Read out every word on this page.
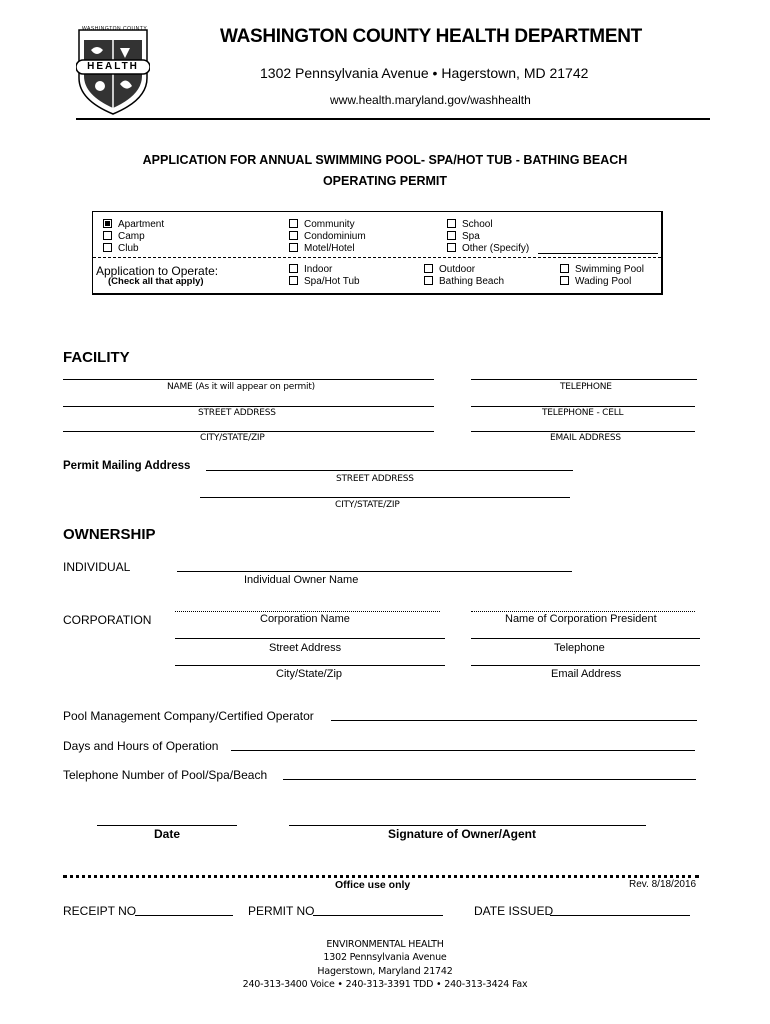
WASHINGTON COUNTY
HEALTH
WASHINGTON COUNTY HEALTH DEPARTMENT
1302 Pennsylvania Avenue • Hagerstown, MD 21742
www.health.maryland.gov/washhealth
APPLICATION FOR ANNUAL SWIMMING POOL- SPA/HOT TUB - BATHING BEACH
OPERATING PERMIT
Apartment
Camp
Club
Community
Condominium
Motel/Hotel
School
Spa
Other (Specify)
Application to Operate:
(Check all that apply)
Indoor
Spa/Hot Tub
Outdoor
Bathing Beach
Swimming Pool
Wading Pool
FACILITY
NAME (As it will appear on permit)	TELEPHONE
STREET ADDRESS	TELEPHONE - CELL
CITY/STATE/ZIP	EMAIL ADDRESS
Permit Mailing Address
STREET ADDRESS
CITY/STATE/ZIP
OWNERSHIP
INDIVIDUAL
Individual Owner Name
CORPORATION	Corporation Name	Name of Corporation President
Street Address	Telephone
City/State/Zip	Email Address
Pool Management Company/Certified Operator
Days and Hours of Operation
Telephone Number of Pool/Spa/Beach
Date	Signature of Owner/Agent
Office use only	Rev. 8/18/2016
RECEIPT NO	PERMIT NO	DATE ISSUED
ENVIRONMENTAL HEALTH
1302 Pennsylvania Avenue
Hagerstown, Maryland 21742
240-313-3400 Voice • 240-313-3391 TDD • 240-313-3424 Fax
